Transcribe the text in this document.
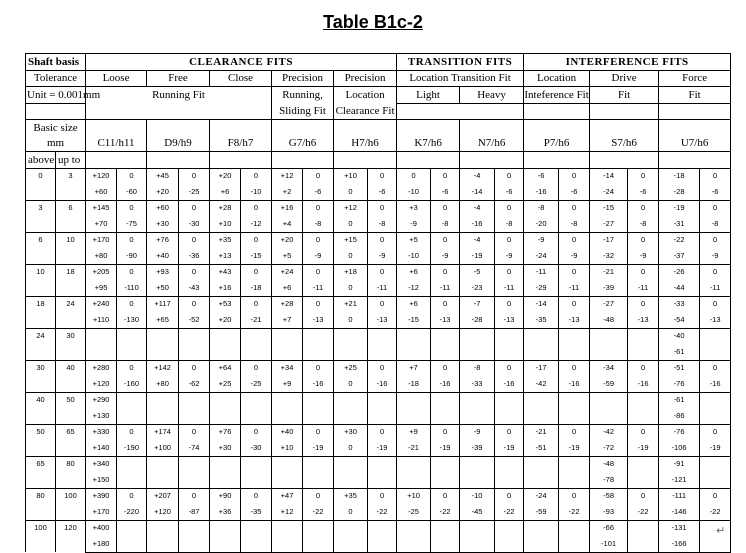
Table B1c-2
Shaft basis		CLEARANCE FITS										TRANSITION FITS				INTERFERENCE FITS					
Tolerance		Loose		Free		Close		Precision		Precision		Location Transition Fit				Location		Drive		Force	
Unit = 0.001mm		Running Fit						Running,		Location		Light		Heavy		Inteference Fit		Fit		Fit	
								Sliding Fit		Clearance Fit											
Basic size																					
mm		C11/h11		D9/h9		F8/h7		G7/h6		H7/h6		K7/h6		N7/h6		P7/h6		S7/h6		U7/h6	
above	up to																				
0	3	+120	0	+45	0	+20	0	+12	0	+10	0	0	0	-4	0	-6	0	-14	0	-18	0
		+60	-60	+20	-25	+6	-10	+2	-6	0	-6	-10	-6	-14	-6	-16	-6	-24	-6	-28	-6
3	6	+145	0	+60	0	+28	0	+16	0	+12	0	+3	0	-4	0	-8	0	-15	0	-19	0
		+70	-75	+30	-30	+10	-12	+4	-8	0	-8	-9	-8	-16	-8	-20	-8	-27	-8	-31	-8
6	10	+170	0	+76	0	+35	0	+20	0	+15	0	+5	0	-4	0	-9	0	-17	0	-22	0
		+80	-90	+40	-36	+13	-15	+5	-9	0	-9	-10	-9	-19	-9	-24	-9	-32	-9	-37	-9
10	18	+205	0	+93	0	+43	0	+24	0	+18	0	+6	0	-5	0	-11	0	-21	0	-26	0
		+95	-110	+50	-43	+16	-18	+6	-11	0	-11	-12	-11	-23	-11	-29	-11	-39	-11	-44	-11
18	24	+240	0	+117	0	+53	0	+28	0	+21	0	+6	0	-7	0	-14	0	-27	0	-33	0
		+110	-130	+65	-52	+20	-21	+7	-13	0	-13	-15	-13	-28	-13	-35	-13	-48	-13	-54	-13
24	30																			-40	
																				-61	
30	40	+280	0	+142	0	+64	0	+34	0	+25	0	+7	0	-8	0	-17	0	-34	0	-51	0
		+120	-160	+80	-62	+25	-25	+9	-16	0	-16	-18	-16	-33	-16	-42	-16	-59	-16	-76	-16
40	50	+290																		-61	
		+130																		-86	
50	65	+330	0	+174	0	+76	0	+40	0	+30	0	+9	0	-9	0	-21	0	-42	0	-76	0
		+140	-190	+100	-74	+30	-30	+10	-19	0	-19	-21	-19	-39	-19	-51	-19	-72	-19	-106	-19
65	80	+340																-48		-91	
		+150																-78		-121	
80	100	+390	0	+207	0	+90	0	+47	0	+35	0	+10	0	-10	0	-24	0	-58	0	-111	0
		+170	-220	+120	-87	+36	-35	+12	-22	0	-22	-25	-22	-45	-22	-59	-22	-93	-22	-146	-22
100	120	+400																-66		-131	
		+180																-101		-166	
↵
